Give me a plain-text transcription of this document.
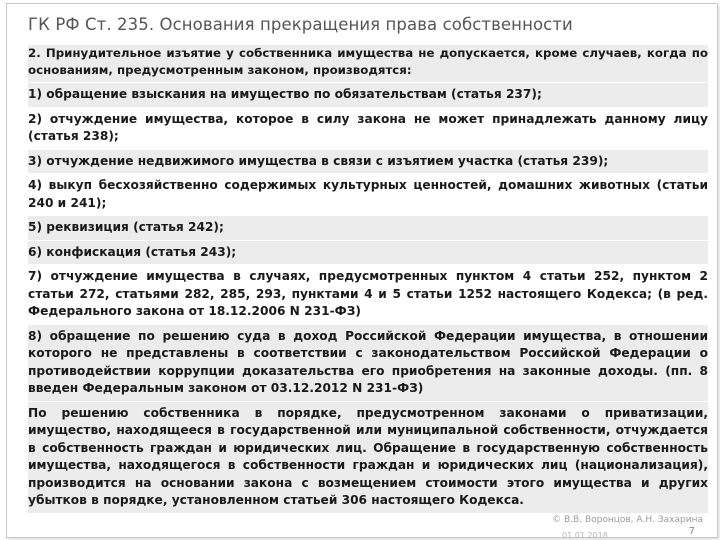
ГК РФ Ст. 235. Основания прекращения права собственности
2. Принудительное изъятие у собственника имущества не допускается, кроме случаев, когда по основаниям, предусмотренным законом, производятся:
1) обращение взыскания на имущество по обязательствам (статья 237);
2) отчуждение имущества, которое в силу закона не может принадлежать данному лицу (статья 238);
3) отчуждение недвижимого имущества в связи с изъятием участка (статья 239);
4) выкуп бесхозяйственно содержимых культурных ценностей, домашних животных (статьи 240 и 241);
5) реквизиция (статья 242);
6) конфискация (статья 243);
7) отчуждение имущества в случаях, предусмотренных пунктом 4 статьи 252, пунктом 2 статьи 272, статьями 282, 285, 293, пунктами 4 и 5 статьи 1252 настоящего Кодекса; (в ред. Федерального закона от 18.12.2006 N 231-ФЗ)
8) обращение по решению суда в доход Российской Федерации имущества, в отношении которого не представлены в соответствии с законодательством Российской Федерации о противодействии коррупции доказательства его приобретения на законные доходы. (пп. 8 введен Федеральным законом от 03.12.2012 N 231-ФЗ)
По решению собственника в порядке, предусмотренном законами о приватизации, имущество, находящееся в государственной или муниципальной собственности, отчуждается в собственность граждан и юридических лиц. Обращение в государственную собственность имущества, находящегося в собственности граждан и юридических лиц (национализация), производится на основании закона с возмещением стоимости этого имущества и других убытков в порядке, установленном статьей 306 настоящего Кодекса.
© В.В. Воронцов, А.Н. Захарина
01.01.2018	7
